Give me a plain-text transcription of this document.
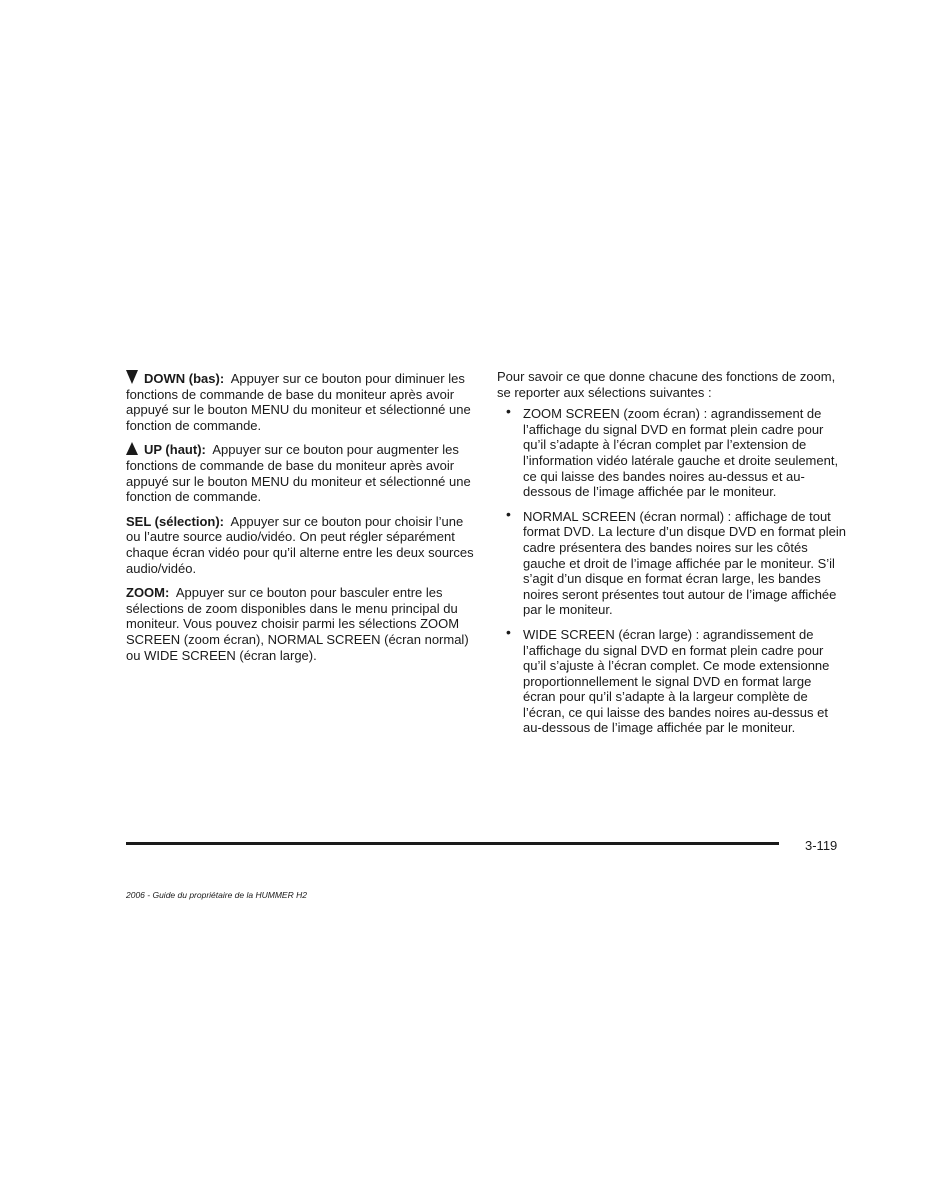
DOWN (bas): Appuyer sur ce bouton pour diminuer les fonctions de commande de base du moniteur après avoir appuyé sur le bouton MENU du moniteur et sélectionné une fonction de commande.

UP (haut): Appuyer sur ce bouton pour augmenter les fonctions de commande de base du moniteur après avoir appuyé sur le bouton MENU du moniteur et sélectionné une fonction de commande.

SEL (sélection): Appuyer sur ce bouton pour choisir l’une ou l’autre source audio/vidéo. On peut régler séparément chaque écran vidéo pour qu’il alterne entre les deux sources audio/vidéo.

ZOOM: Appuyer sur ce bouton pour basculer entre les sélections de zoom disponibles dans le menu principal du moniteur. Vous pouvez choisir parmi les sélections ZOOM SCREEN (zoom écran), NORMAL SCREEN (écran normal) ou WIDE SCREEN (écran large).

Pour savoir ce que donne chacune des fonctions de zoom, se reporter aux sélections suivantes :

• ZOOM SCREEN (zoom écran) : agrandissement de l’affichage du signal DVD en format plein cadre pour qu’il s’adapte à l’écran complet par l’extension de l’information vidéo latérale gauche et droite seulement, ce qui laisse des bandes noires au-dessus et au-dessous de l’image affichée par le moniteur.
• NORMAL SCREEN (écran normal) : affichage de tout format DVD. La lecture d’un disque DVD en format plein cadre présentera des bandes noires sur les côtés gauche et droit de l’image affichée par le moniteur. S’il s’agit d’un disque en format écran large, les bandes noires seront présentes tout autour de l’image affichée par le moniteur.
• WIDE SCREEN (écran large) : agrandissement de l’affichage du signal DVD en format plein cadre pour qu’il s’ajuste à l’écran complet. Ce mode extensionne proportionnellement le signal DVD en format large écran pour qu’il s’adapte à la largeur complète de l’écran, ce qui laisse des bandes noires au-dessus et au-dessous de l’image affichée par le moniteur.
3-119
2006 - Guide du propriétaire de la HUMMER H2
